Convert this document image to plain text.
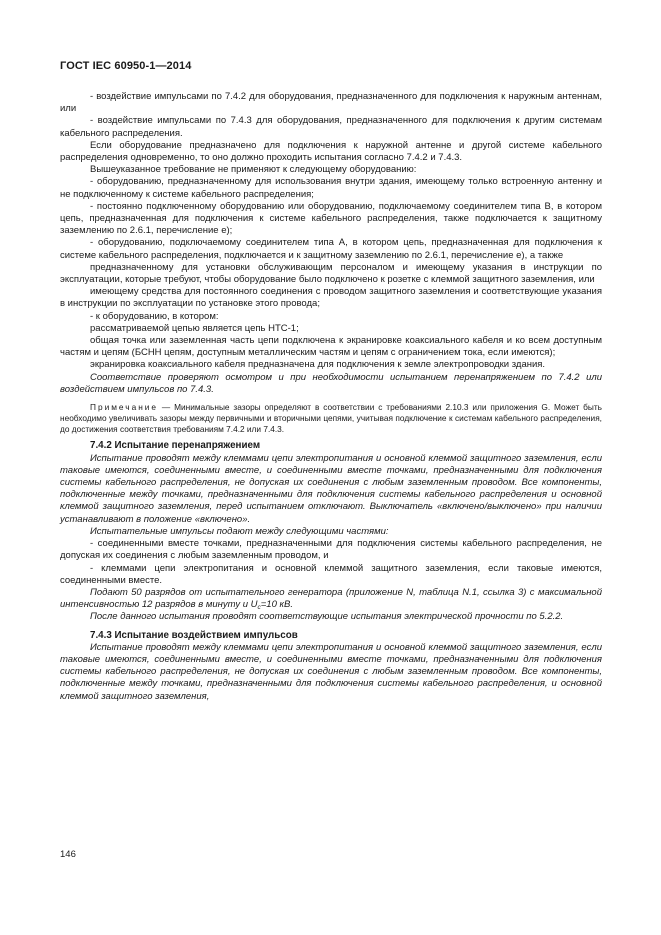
ГОСТ IEC 60950-1—2014

- воздействие импульсами по 7.4.2 для оборудования, предназначенного для подключения к наружным антеннам, или

- воздействие импульсами по 7.4.3 для оборудования, предназначенного для подключения к другим системам кабельного распределения.

Если оборудование предназначено для подключения к наружной антенне и другой системе кабельного распределения одновременно, то оно должно проходить испытания согласно 7.4.2 и 7.4.3.

Вышеуказанное требование не применяют к следующему оборудованию:

- оборудованию, предназначенному для использования внутри здания, имеющему только встроенную антенну и не подключенному к системе кабельного распределения;

- постоянно подключенному оборудованию или оборудованию, подключаемому соединителем типа B, в котором цепь, предназначенная для подключения к системе кабельного распределения, также подключается к защитному заземлению по 2.6.1, перечисление е);

- оборудованию, подключаемому соединителем типа A, в котором цепь, предназначенная для подключения к системе кабельного распределения, подключается и к защитному заземлению по 2.6.1, перечисление е), а также

предназначенному для установки обслуживающим персоналом и имеющему указания в инструкции по эксплуатации, которые требуют, чтобы оборудование было подключено к розетке с клеммой защитного заземления, или

имеющему средства для постоянного соединения с проводом защитного заземления и соответствующие указания в инструкции по эксплуатации по установке этого провода;

- к оборудованию, в котором:

рассматриваемой цепью является цепь НТС-1;

общая точка или заземленная часть цепи подключена к экранировке коаксиального кабеля и ко всем доступным частям и цепям (БСНН цепям, доступным металлическим частям и цепям с ограничением тока, если имеются);

экранировка коаксиального кабеля предназначена для подключения к земле электропроводки здания.

Соответствие проверяют осмотром и при необходимости испытанием перенапряжением по 7.4.2 или воздействием импульсов по 7.4.3.

Примечание — Минимальные зазоры определяют в соответствии с требованиями 2.10.3 или приложения G. Может быть необходимо увеличивать зазоры между первичными и вторичными цепями, учитывая подключение к системам кабельного распределения, до достижения соответствия требованиям 7.4.2 или 7.4.3.

7.4.2 Испытание перенапряжением

Испытание проводят между клеммами цепи электропитания и основной клеммой защитного заземления, если таковые имеются, соединенными вместе, и соединенными вместе точками, предназначенными для подключения системы кабельного распределения, не допуская их соединения с любым заземленным проводом. Все компоненты, подключенные между точками, предназначенными для подключения системы кабельного распределения и основной клеммой защитного заземления, перед испытанием отключают. Выключатель «включено/выключено» при наличии устанавливают в положение «включено».

Испытательные импульсы подают между следующими частями:

- соединенными вместе точками, предназначенными для подключения системы кабельного распределения, не допуская их соединения с любым заземленным проводом, и

- клеммами цепи электропитания и основной клеммой защитного заземления, если таковые имеются, соединенными вместе.

Подают 50 разрядов от испытательного генератора (приложение N, таблица N.1, ссылка 3) с максимальной интенсивностью 12 разрядов в минуту и $U_c=10$ кВ.

После данного испытания проводят соответствующие испытания электрической прочности по 5.2.2.

7.4.3 Испытание воздействием импульсов

Испытание проводят между клеммами цепи электропитания и основной клеммой защитного заземления, если таковые имеются, соединенными вместе, и соединенными вместе точками, предназначенными для подключения системы кабельного распределения, не допуская их соединения с любым заземленным проводом. Все компоненты, подключенные между точками, предназначенными для подключения системы кабельного распределения, и основной клеммой защитного заземления,

146
